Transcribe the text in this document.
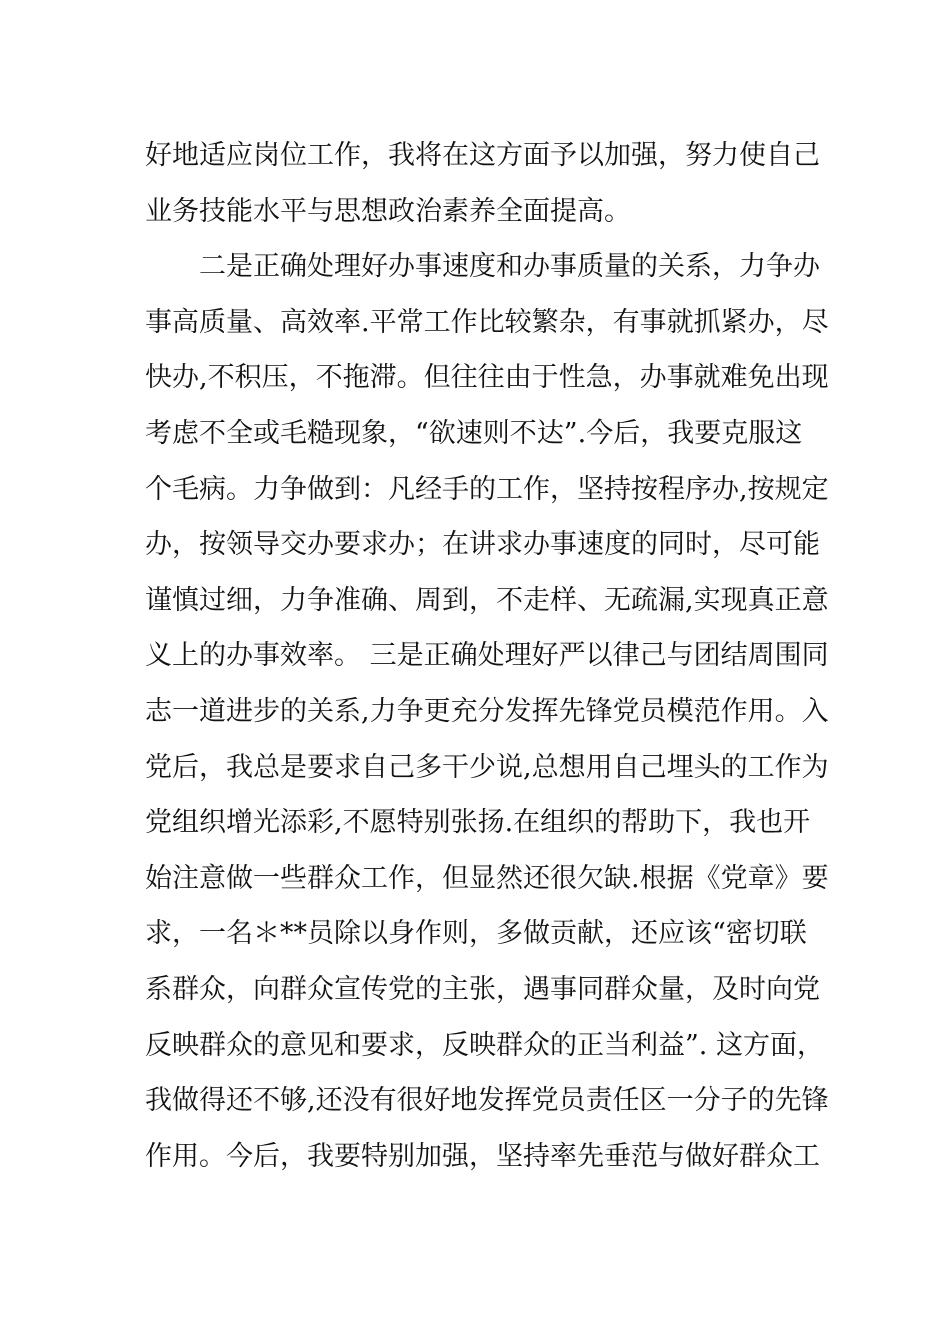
好地适应岗位工作，我将在这方面予以加强，努力使自己
业务技能水平与思想政治素养全面提高。
二是正确处理好办事速度和办事质量的关系，力争办
事高质量、高效率.平常工作比较繁杂，有事就抓紧办，尽
快办,不积压，不拖滞。但往往由于性急，办事就难免出现
考虑不全或毛糙现象，“欲速则不达”.今后，我要克服这
个毛病。力争做到：凡经手的工作，坚持按程序办,按规定
办，按领导交办要求办；在讲求办事速度的同时，尽可能
谨慎过细，力争准确、周到，不走样、无疏漏,实现真正意
义上的办事效率。 三是正确处理好严以律己与团结周围同
志一道进步的关系,力争更充分发挥先锋党员模范作用。入
党后，我总是要求自己多干少说,总想用自己埋头的工作为
党组织增光添彩,不愿特别张扬.在组织的帮助下，我也开
始注意做一些群众工作，但显然还很欠缺.根据《党章》要
求，一名＊**员除以身作则，多做贡献，还应该“密切联
系群众，向群众宣传党的主张，遇事同群众量，及时向党
反映群众的意见和要求，反映群众的正当利益”. 这方面，
我做得还不够,还没有很好地发挥党员责任区一分子的先锋
作用。今后，我要特别加强，坚持率先垂范与做好群众工
